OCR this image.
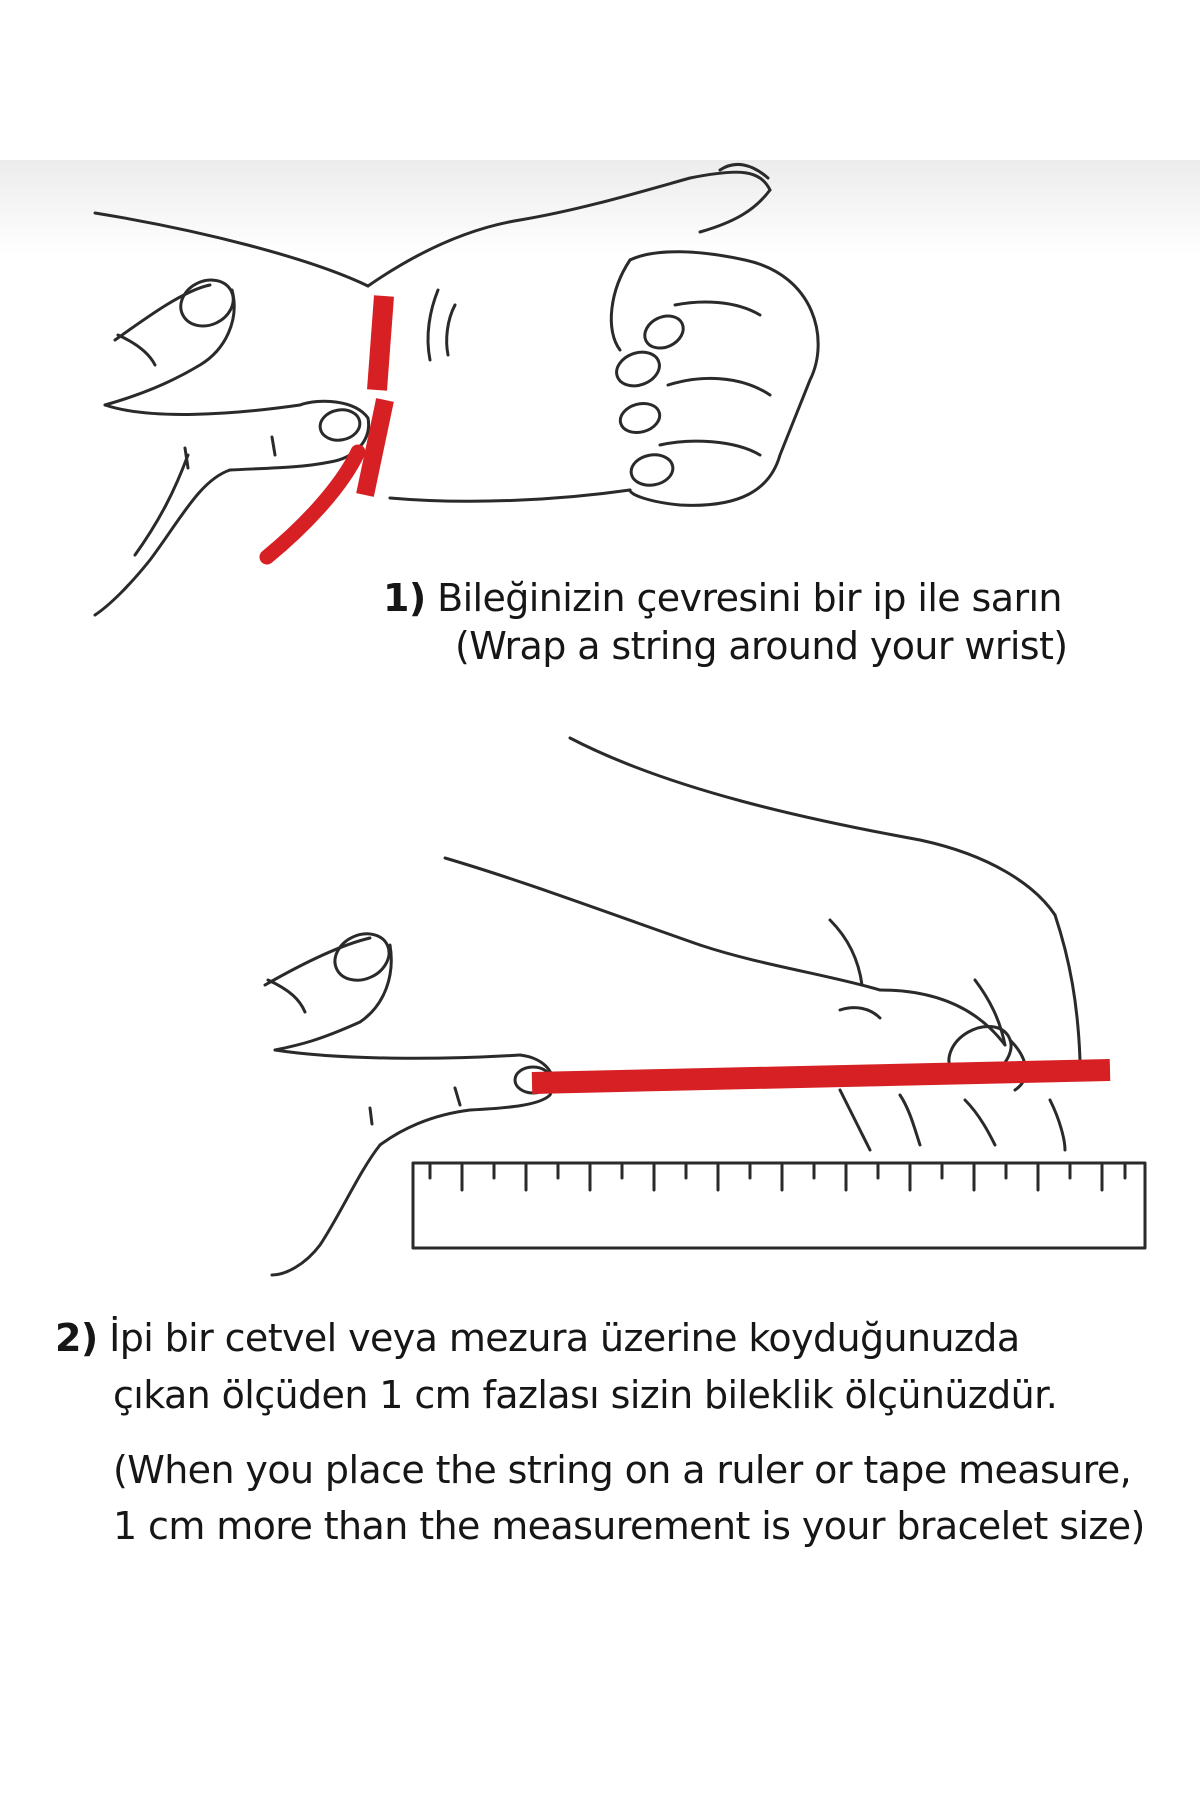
1) Bileğinizin çevresini bir ip ile sarın

(Wrap a string around your wrist)

2) İpi bir cetvel veya mezura üzerine koyduğunuzda

çıkan ölçüden 1 cm fazlası sizin bileklik ölçünüzdür.

(When you place the string on a ruler or tape measure,

1 cm more than the measurement is your bracelet size)
